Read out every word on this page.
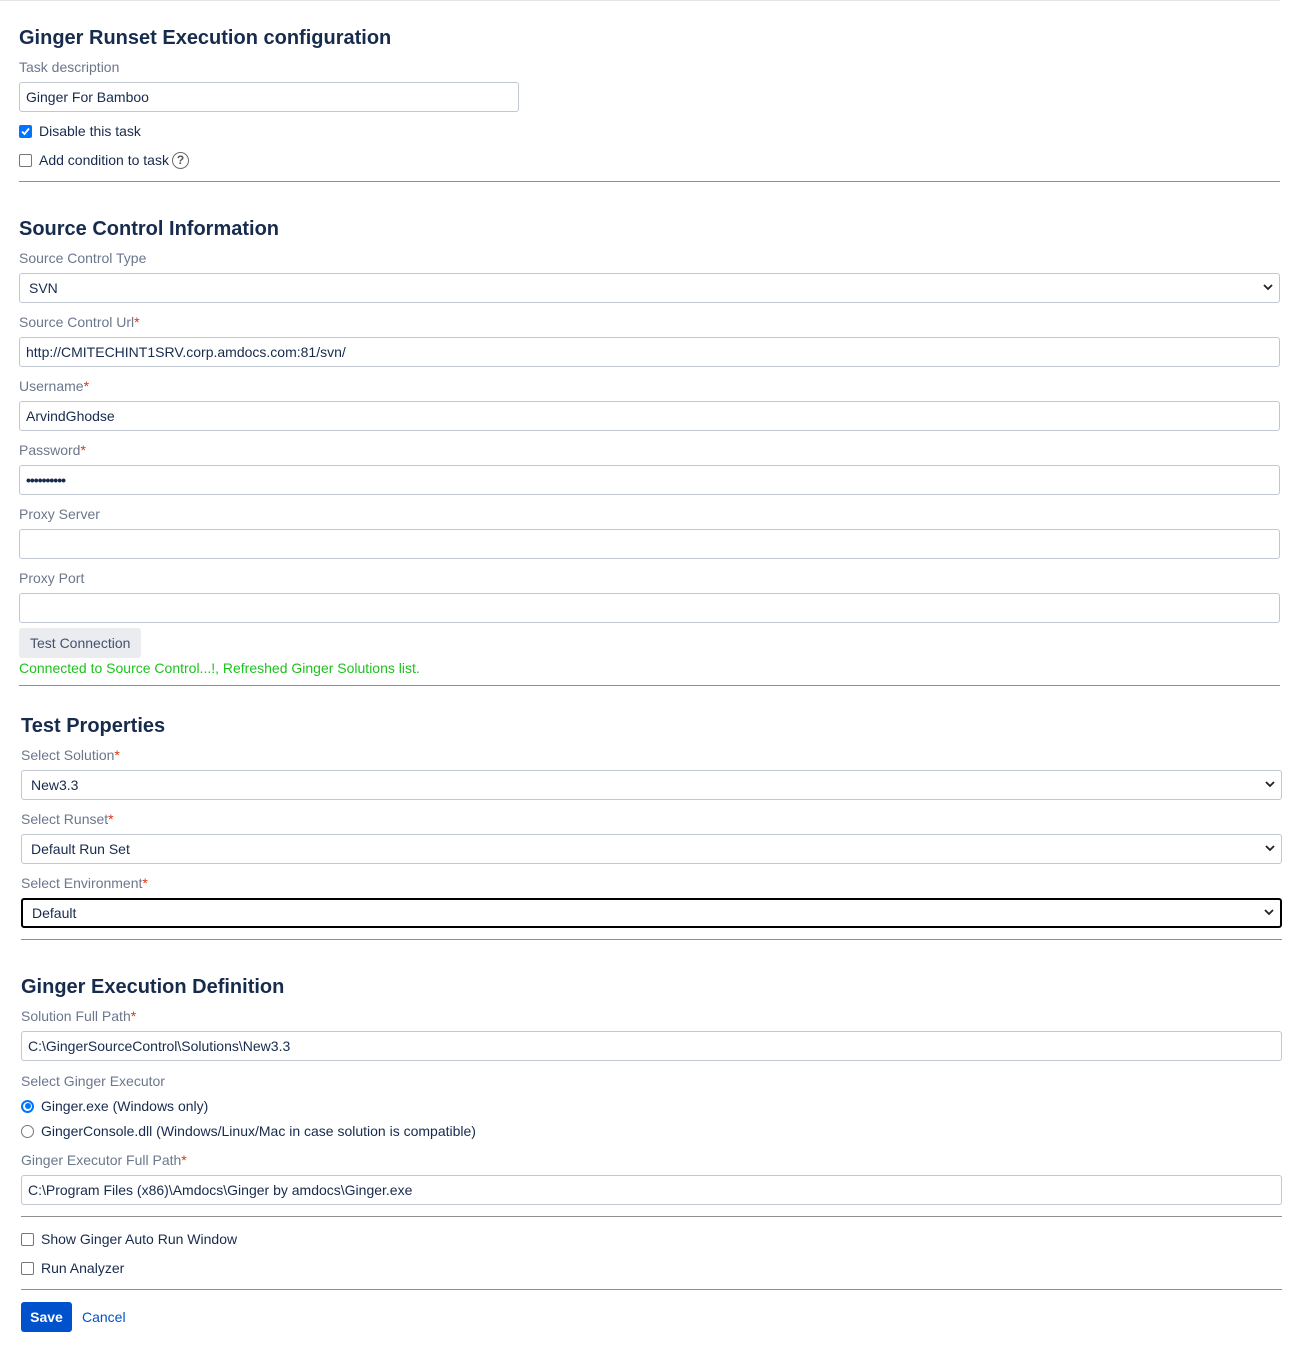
Ginger Runset Execution configuration
Task description
Ginger For Bamboo
Disable this task
Add condition to task ?
Source Control Information
Source Control Type
SVN
Source Control Url*
http://CMITECHINT1SRV.corp.amdocs.com:81/svn/
Username*
ArvindGhodse
Password*
••••••••••
Proxy Server
Proxy Port
Test Connection
Connected to Source Control...!, Refreshed Ginger Solutions list.
Test Properties
Select Solution*
New3.3
Select Runset*
Default Run Set
Select Environment*
Default
Ginger Execution Definition
Solution Full Path*
C:\GingerSourceControl\Solutions\New3.3
Select Ginger Executor
Ginger.exe (Windows only)
GingerConsole.dll (Windows/Linux/Mac in case solution is compatible)
Ginger Executor Full Path*
C:\Program Files (x86)\Amdocs\Ginger by amdocs\Ginger.exe
Show Ginger Auto Run Window
Run Analyzer
Save	Cancel
